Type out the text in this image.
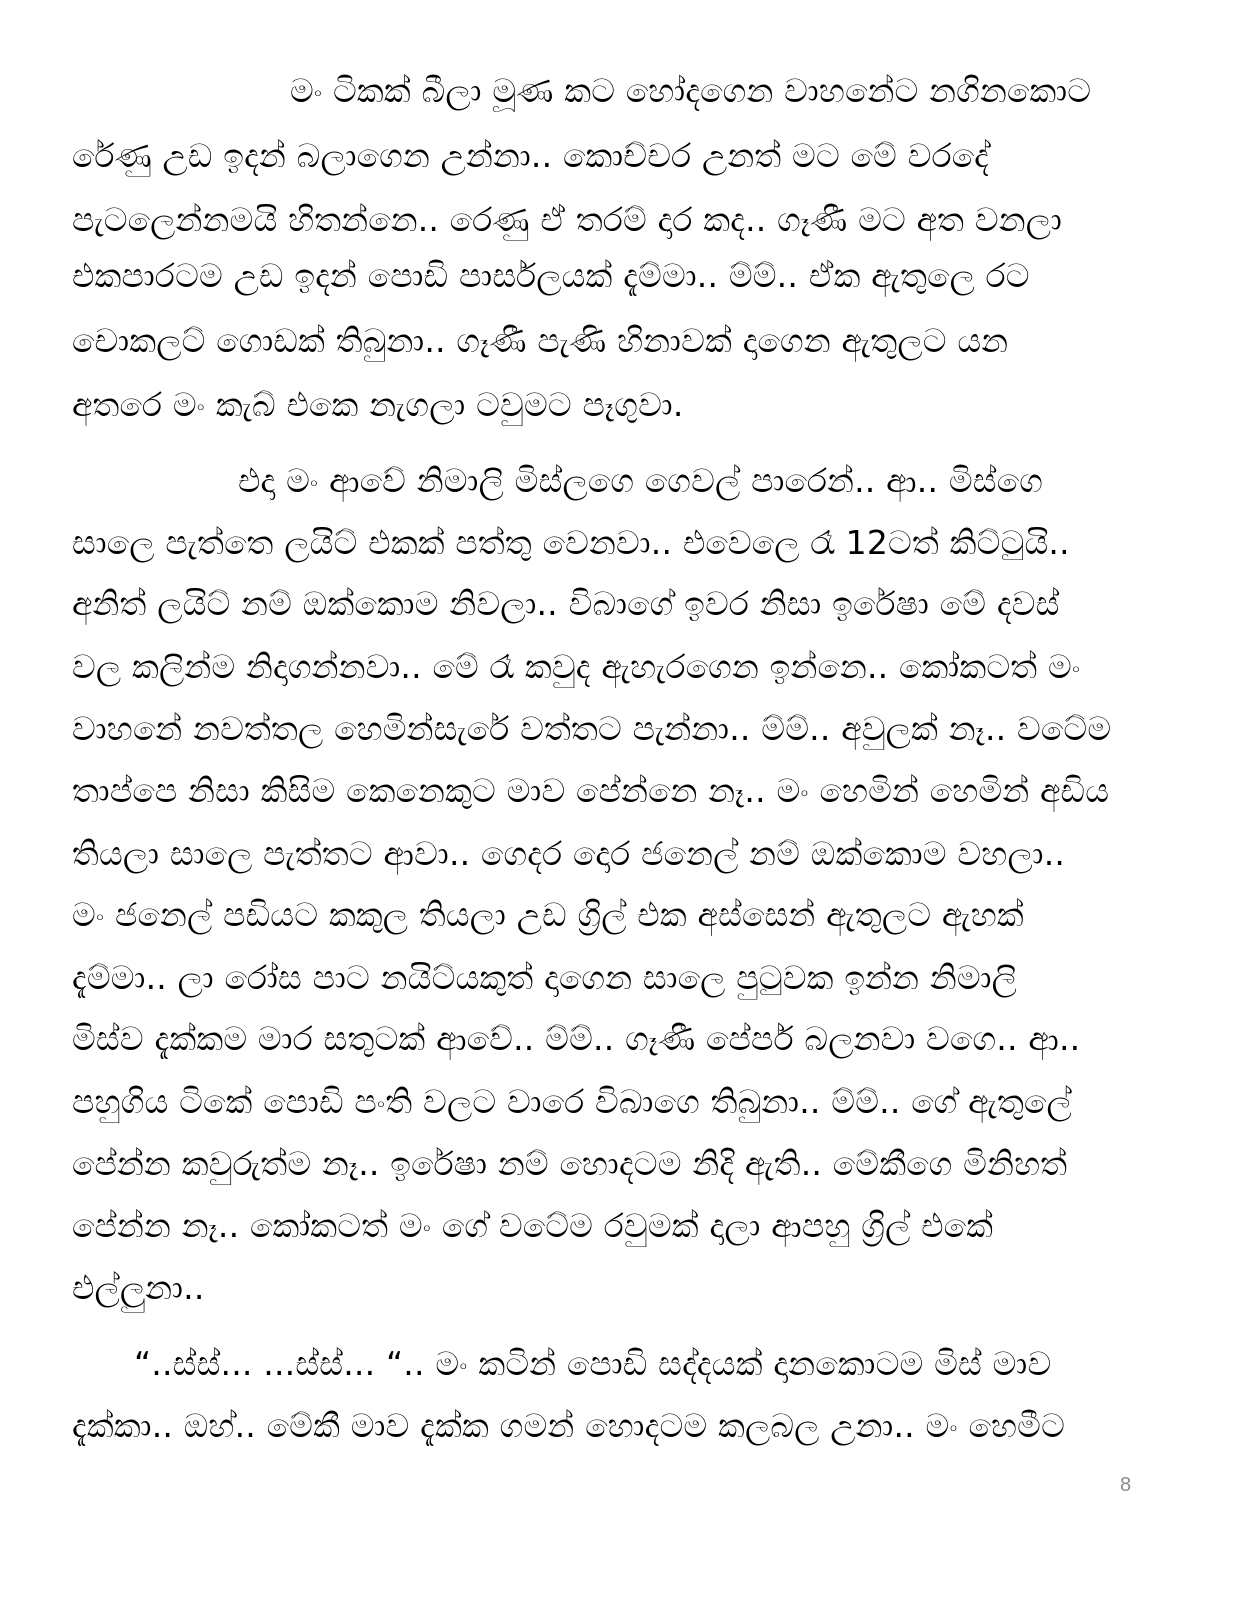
මං ටිකක් බීලා මූණ කට හෝදගෙන වාහනේට නගිනකොට
රේණු උඩ ඉදන් බලාගෙන උන්නා.. කොච්චර උනත් මට මේ වරදේ
පැටලෙන්නමයි හිතන්නෙ.. රෙණු ඒ තරම් දාර කද.. ගෑණී මට අත වනලා
එකපාරටම උඩ ඉදන් පොඩි පාර්සලයක් දැම්මා.. ම්ම්.. ඒක ඇතුලෙ රට
චොකලට් ගොඩක් තිබුනා.. ගෑණී පැණි හිනාවක් දාගෙන ඇතුලට යන
අතරෙ මං කැබ් එකෙ නැගලා ටවුමට පෑගුවා.
එදා මං ආවේ නිමාලි මිස්ලගෙ ගෙවල් පාරෙන්.. ආ.. මිස්ගෙ
සාලෙ පැත්තෙ ලයිට් එකක් පත්තු වෙනවා.. එවෙලෙ රෑ 12ටත් කිට්ටුයි..
අනිත් ලයිට් නම් ඔක්කොම නිවලා.. විබාගේ ඉවර නිසා ඉරේෂා මේ දවස්
වල කලින්ම නිදාගන්නවා.. මේ රෑ කවුද ඇහැරගෙන ඉන්නෙ.. කෝකටත් මං
වාහනේ නවත්තල හෙමින්සැරේ වත්තට පැන්නා.. ම්ම්.. අවුලක් නෑ.. වටේම
තාප්පෙ නිසා කිසිම කෙනෙකුට මාව පේන්නෙ නෑ.. මං හෙමින් හෙමින් අඩිය
තියලා සාලෙ පැත්තට ආවා.. ගෙදර දොර ජනෙල් නම් ඔක්කොම වහලා..
මං ජනෙල් පඩියට කකුල තියලා උඩ ග්‍රිල් එක අස්සෙන් ඇතුලට ඇහක්
දැම්මා.. ලා රෝස පාට නයිට්යකුත් දාගෙන සාලෙ පුටුවක ඉන්න නිමාලි
මිස්ව දැක්කම මාර සතුටක් ආවේ.. ම්ම්.. ගෑණී පේපර් බලනවා වගෙ.. ආ..
පහුගිය ටිකේ පොඩි පංති වලට වාරෙ විබාගෙ තිබුනා.. ම්ම්.. ගේ ඇතුලේ
පේන්න කවුරුත්ම නෑ.. ඉරේෂා නම් හොදටම නිදි ඇති.. මේකීගෙ මිනිහත්
පේන්න නෑ.. කෝකටත් මං ගේ වටේම රවුමක් දාලා ආපහු ග්‍රිල් එකේ
එල්ලුනා..
“..ස්ස්... ...ස්ස්... “.. මං කටින් පොඩි සද්දයක් දානකොටම මිස් මාව
දැක්කා.. ඔහ්.. මේකී මාව දැක්ක ගමන් හොදටම කලබල උනා.. මං හෙමීට
8
